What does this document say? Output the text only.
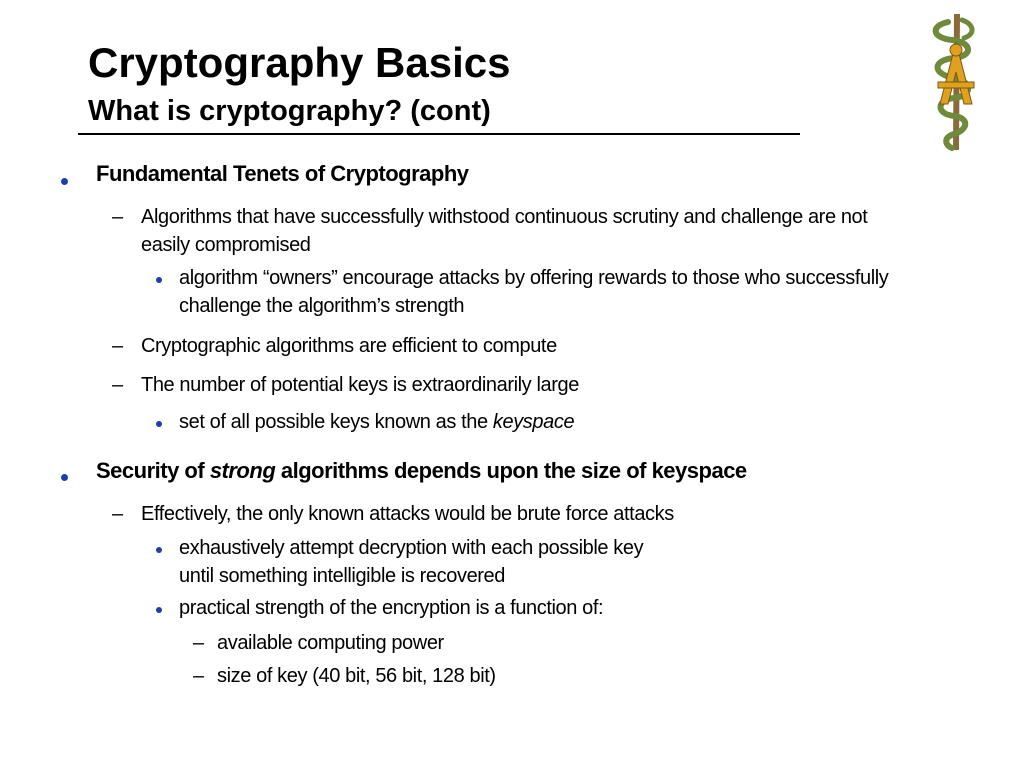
Cryptography Basics
What is cryptography? (cont)
Fundamental Tenets of Cryptography
– Algorithms that have successfully withstood continuous scrutiny and challenge are not
easily compromised
algorithm “owners” encourage attacks by offering rewards to those who successfully
challenge the algorithm’s strength
– Cryptographic algorithms are efficient to compute
– The number of potential keys is extraordinarily large
set of all possible keys known as the keyspace
Security of strong algorithms depends upon the size of keyspace
– Effectively, the only known attacks would be brute force attacks
exhaustively attempt decryption with each possible key
until something intelligible is recovered
practical strength of the encryption is a function of:
– available computing power
– size of key (40 bit, 56 bit, 128 bit)
